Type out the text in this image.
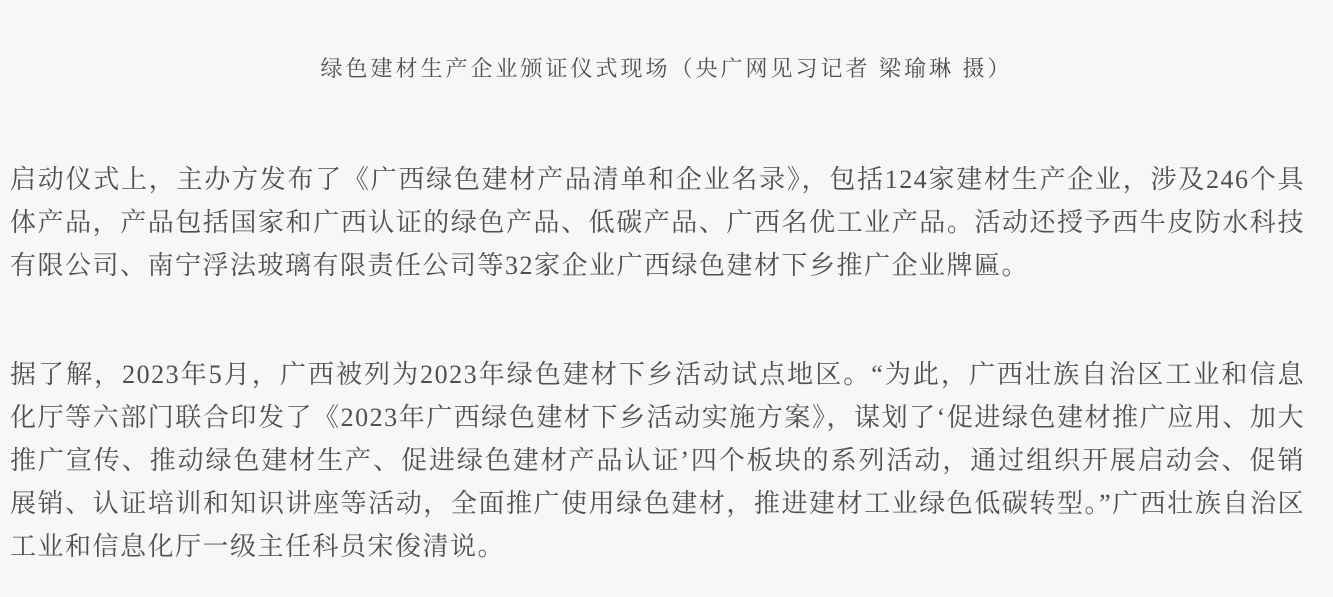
绿色建材生产企业颁证仪式现场（央广网见习记者 梁瑜琳 摄）

启动仪式上，主办方发布了《广西绿色建材产品清单和企业名录》，包括124家建材生产企业，涉及246个具体产品，产品包括国家和广西认证的绿色产品、低碳产品、广西名优工业产品。活动还授予西牛皮防水科技有限公司、南宁浮法玻璃有限责任公司等32家企业广西绿色建材下乡推广企业牌匾。

据了解，2023年5月，广西被列为2023年绿色建材下乡活动试点地区。“为此，广西壮族自治区工业和信息化厅等六部门联合印发了《2023年广西绿色建材下乡活动实施方案》，谋划了‘促进绿色建材推广应用、加大推广宣传、推动绿色建材生产、促进绿色建材产品认证’四个板块的系列活动，通过组织开展启动会、促销展销、认证培训和知识讲座等活动，全面推广使用绿色建材，推进建材工业绿色低碳转型。”广西壮族自治区工业和信息化厅一级主任科员宋俊清说。
